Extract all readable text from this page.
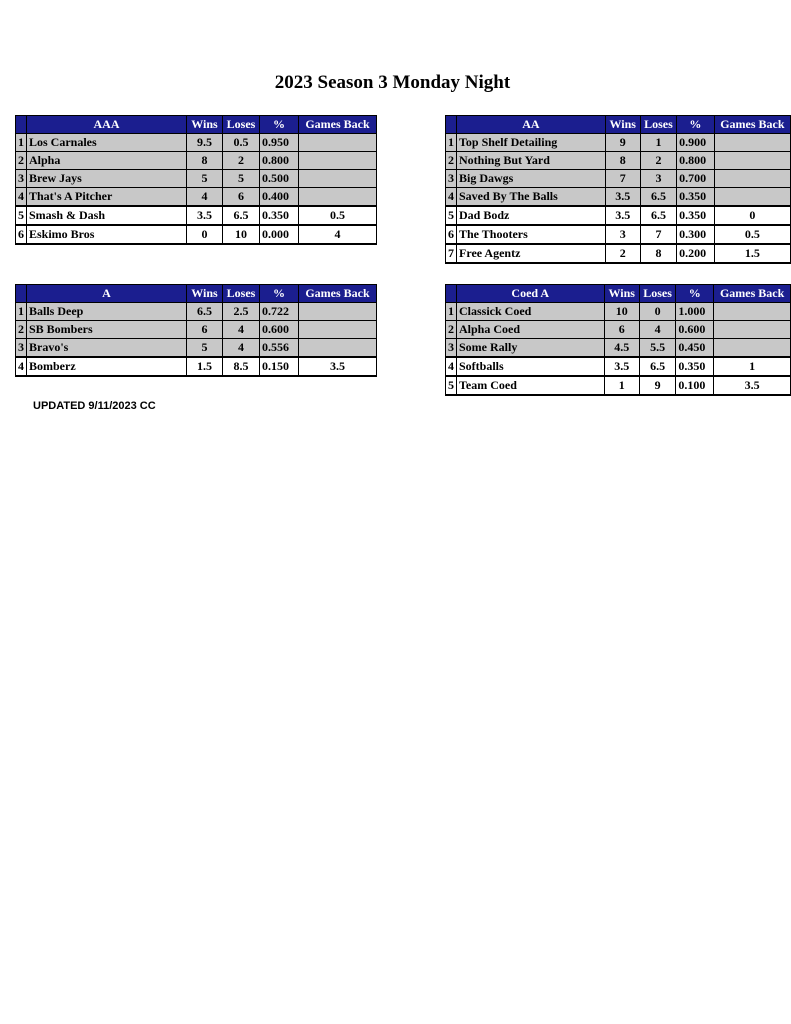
2023 Season 3 Monday Night
	AAA	Wins	Loses	%	Games Back
1	Los Carnales	9.5	0.5	0.950	
2	Alpha	8	2	0.800	
3	Brew Jays	5	5	0.500	
4	That's A Pitcher	4	6	0.400	
5	Smash & Dash	3.5	6.5	0.350	0.5
6	Eskimo Bros	0	10	0.000	4
	AA	Wins	Loses	%	Games Back
1	Top Shelf Detailing	9	1	0.900	
2	Nothing But Yard	8	2	0.800	
3	Big Dawgs	7	3	0.700	
4	Saved By The Balls	3.5	6.5	0.350	
5	Dad Bodz	3.5	6.5	0.350	0
6	The Thooters	3	7	0.300	0.5
7	Free Agentz	2	8	0.200	1.5
	A	Wins	Loses	%	Games Back
1	Balls Deep	6.5	2.5	0.722	
2	SB Bombers	6	4	0.600	
3	Bravo's	5	4	0.556	
4	Bomberz	1.5	8.5	0.150	3.5
	Coed A	Wins	Loses	%	Games Back
1	Classick Coed	10	0	1.000	
2	Alpha Coed	6	4	0.600	
3	Some Rally	4.5	5.5	0.450	
4	Softballs	3.5	6.5	0.350	1
5	Team Coed	1	9	0.100	3.5
UPDATED 9/11/2023 CC
